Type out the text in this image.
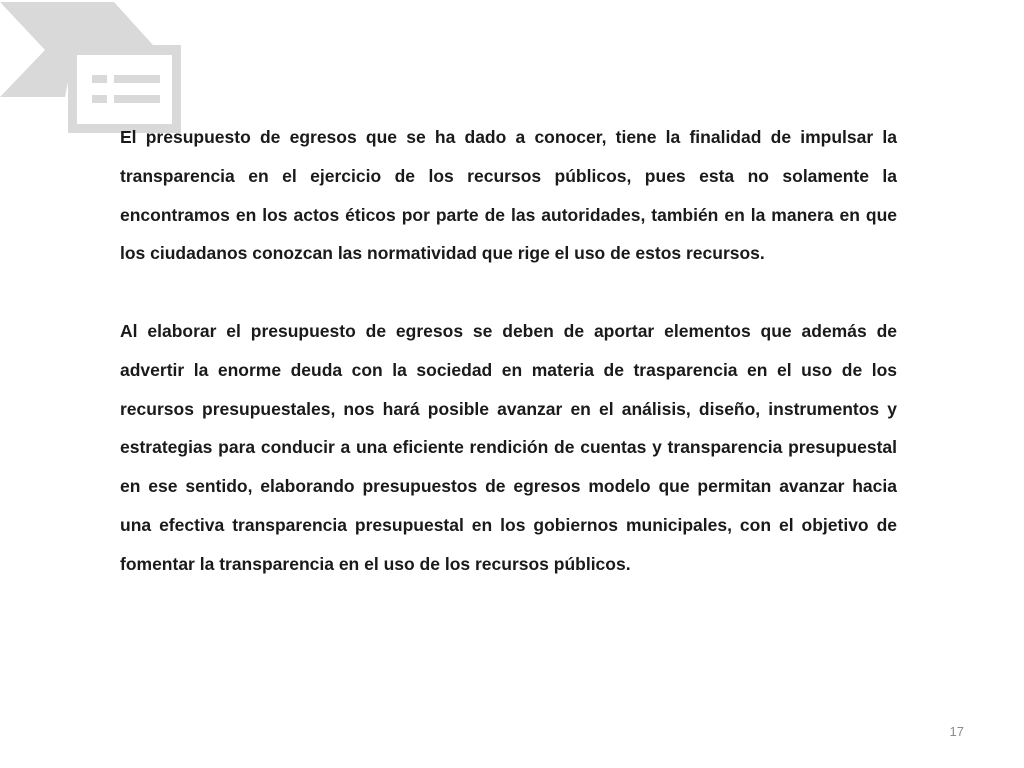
El presupuesto de egresos que se ha dado a conocer, tiene la finalidad de impulsar la transparencia en el ejercicio de los recursos públicos, pues esta no solamente la encontramos en los actos éticos por parte de las autoridades, también en la manera en que los ciudadanos conozcan las normatividad que rige el uso de estos recursos.

Al elaborar el presupuesto de egresos se deben de aportar elementos que además de advertir la enorme deuda con la sociedad en materia de trasparencia en el uso de los recursos presupuestales, nos hará posible avanzar en el análisis, diseño, instrumentos y estrategias para conducir a una eficiente rendición de cuentas y transparencia presupuestal en ese sentido, elaborando presupuestos de egresos modelo que permitan avanzar hacia una efectiva transparencia presupuestal en los gobiernos municipales, con el objetivo de fomentar la transparencia en el uso de los recursos públicos.

17
